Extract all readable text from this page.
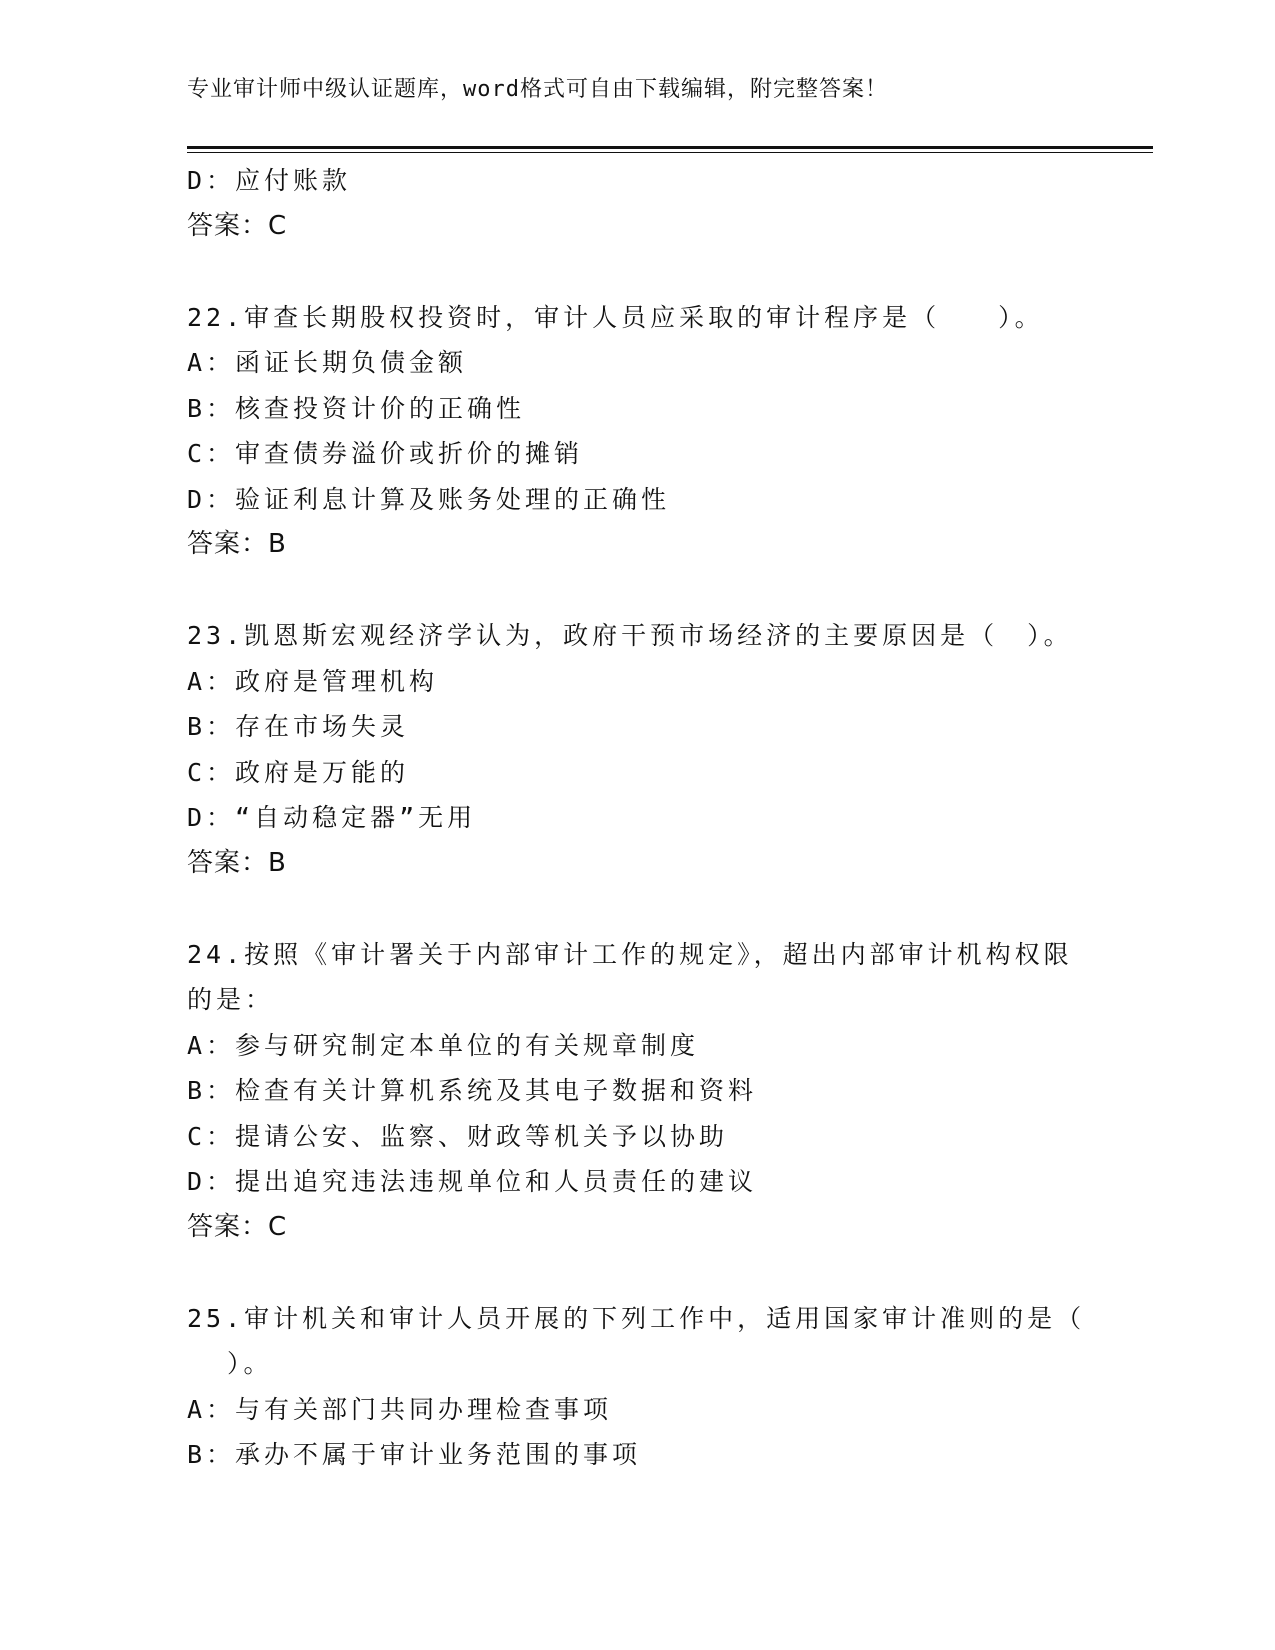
专业审计师中级认证题库，word格式可自由下载编辑，附完整答案！
D：应付账款
答案：C
22.审查长期股权投资时，审计人员应采取的审计程序是（　　）。
A：函证长期负债金额
B：核查投资计价的正确性
C：审查债券溢价或折价的摊销
D：验证利息计算及账务处理的正确性
答案：B
23.凯恩斯宏观经济学认为，政府干预市场经济的主要原因是（　）。
A：政府是管理机构
B：存在市场失灵
C：政府是万能的
D：“自动稳定器”无用
答案：B
24.按照《审计署关于内部审计工作的规定》，超出内部审计机构权限
的是：
A：参与研究制定本单位的有关规章制度
B：检查有关计算机系统及其电子数据和资料
C：提请公安、监察、财政等机关予以协助
D：提出追究违法违规单位和人员责任的建议
答案：C
25.审计机关和审计人员开展的下列工作中，适用国家审计准则的是（
）。
A：与有关部门共同办理检查事项
B：承办不属于审计业务范围的事项
